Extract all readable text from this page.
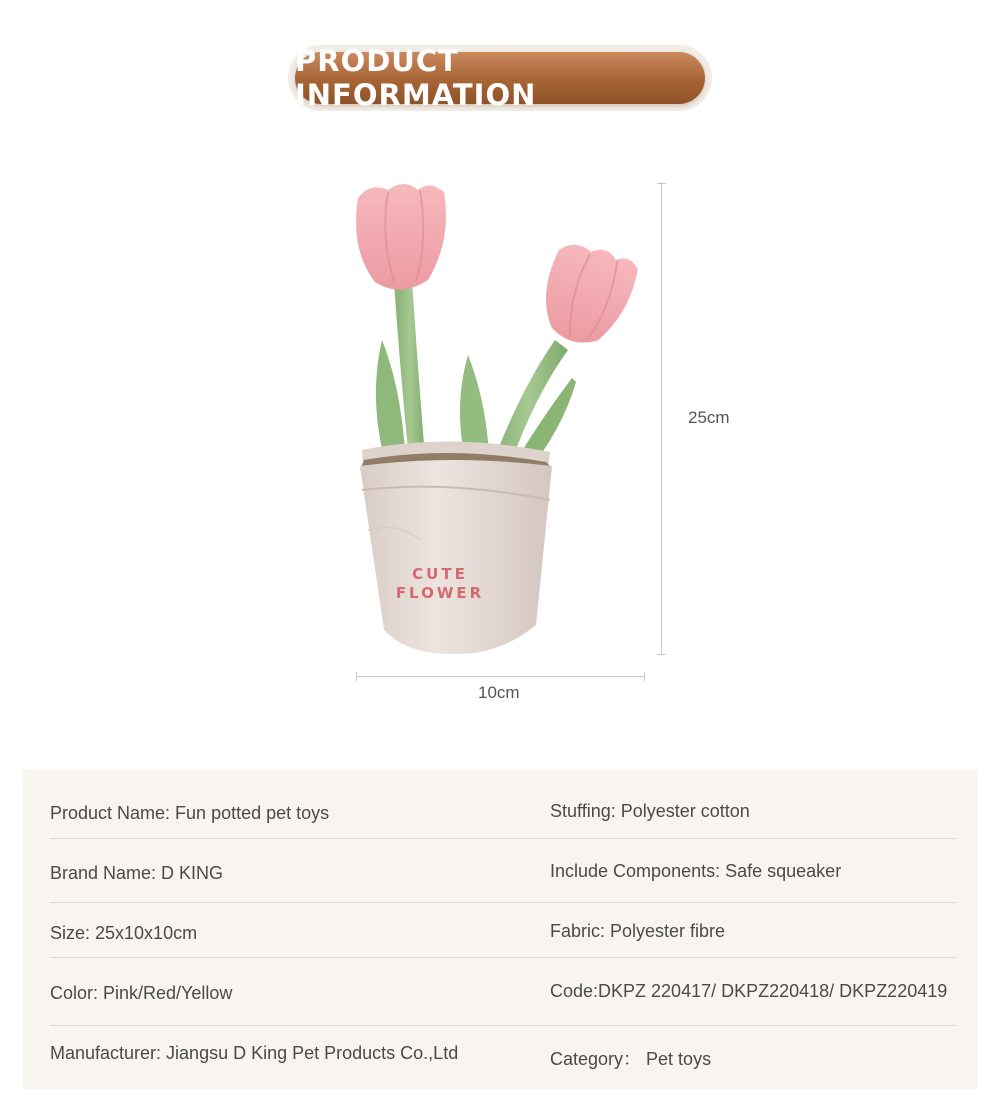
PRODUCT INFORMATION
CUTE
FLOWER
25cm
10cm
Product Name: Fun potted pet toys	Stuffing: Polyester cotton
Brand Name: D KING	Include Components: Safe squeaker
Size: 25x10x10cm	Fabric: Polyester fibre
Color: Pink/Red/Yellow	Code:DKPZ 220417/ DKPZ220418/ DKPZ220419
Manufacturer: Jiangsu D King Pet Products Co.,Ltd	Category： Pet toys
